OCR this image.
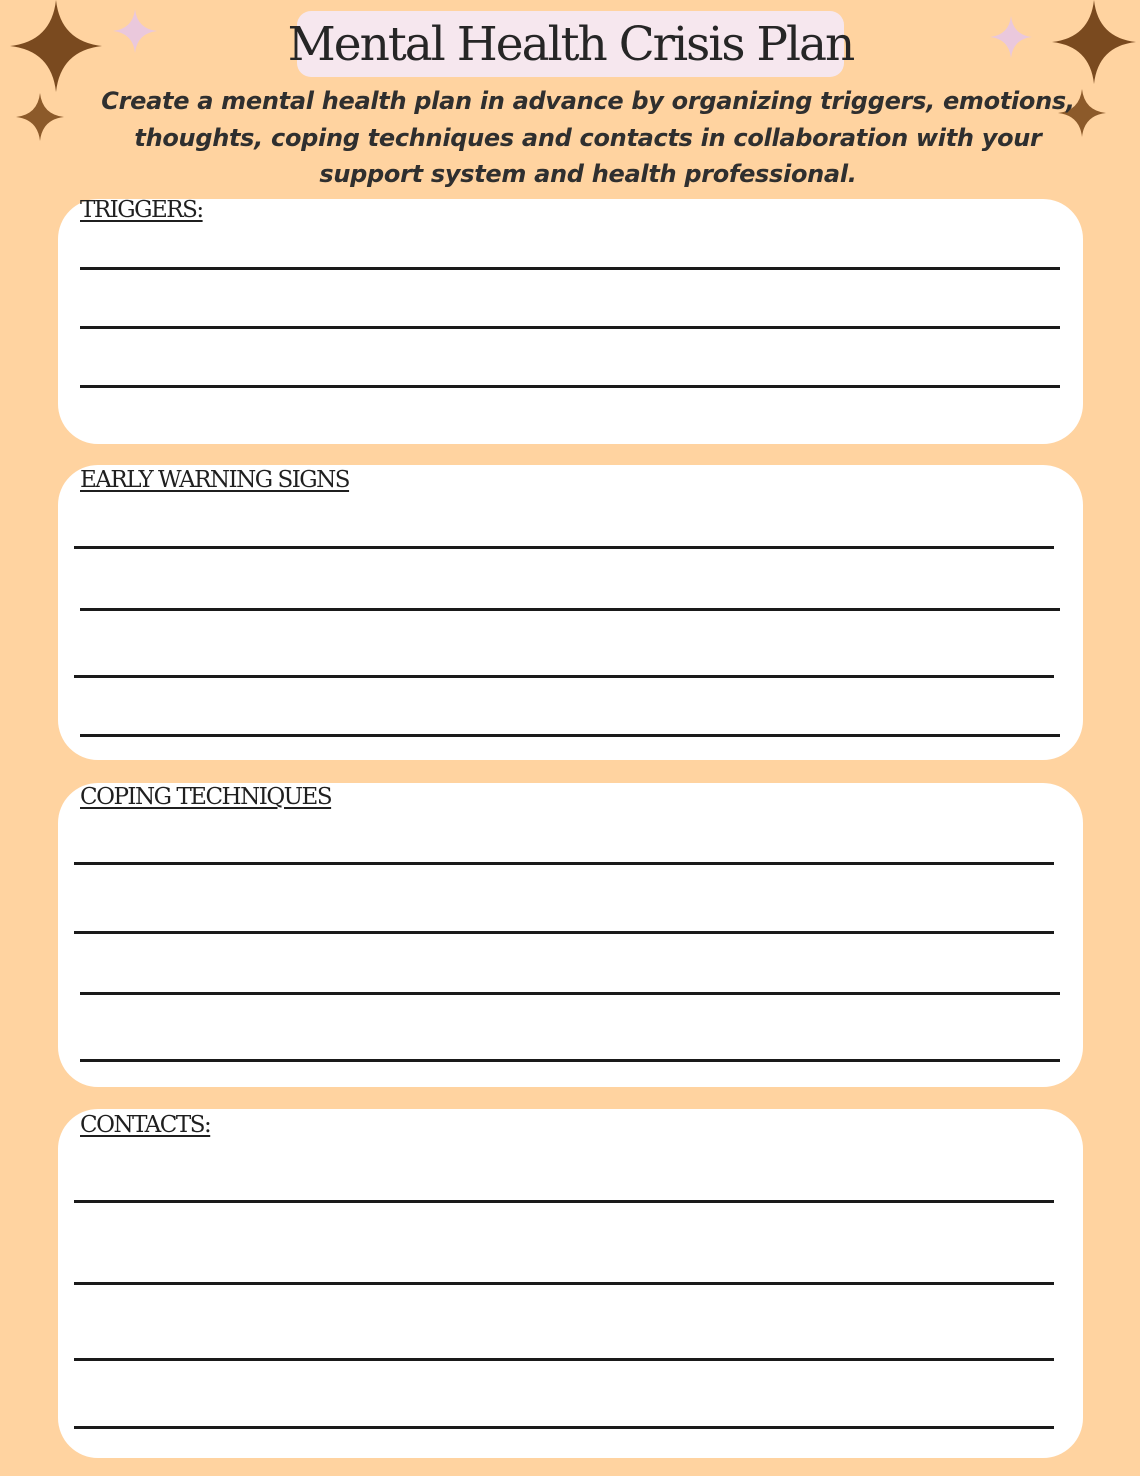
Mental Health Crisis Plan

Create a mental health plan in advance by organizing triggers, emotions, thoughts, coping techniques and contacts in collaboration with your support system and health professional.

TRIGGERS:
EARLY WARNING SIGNS
COPING TECHNIQUES
CONTACTS:
